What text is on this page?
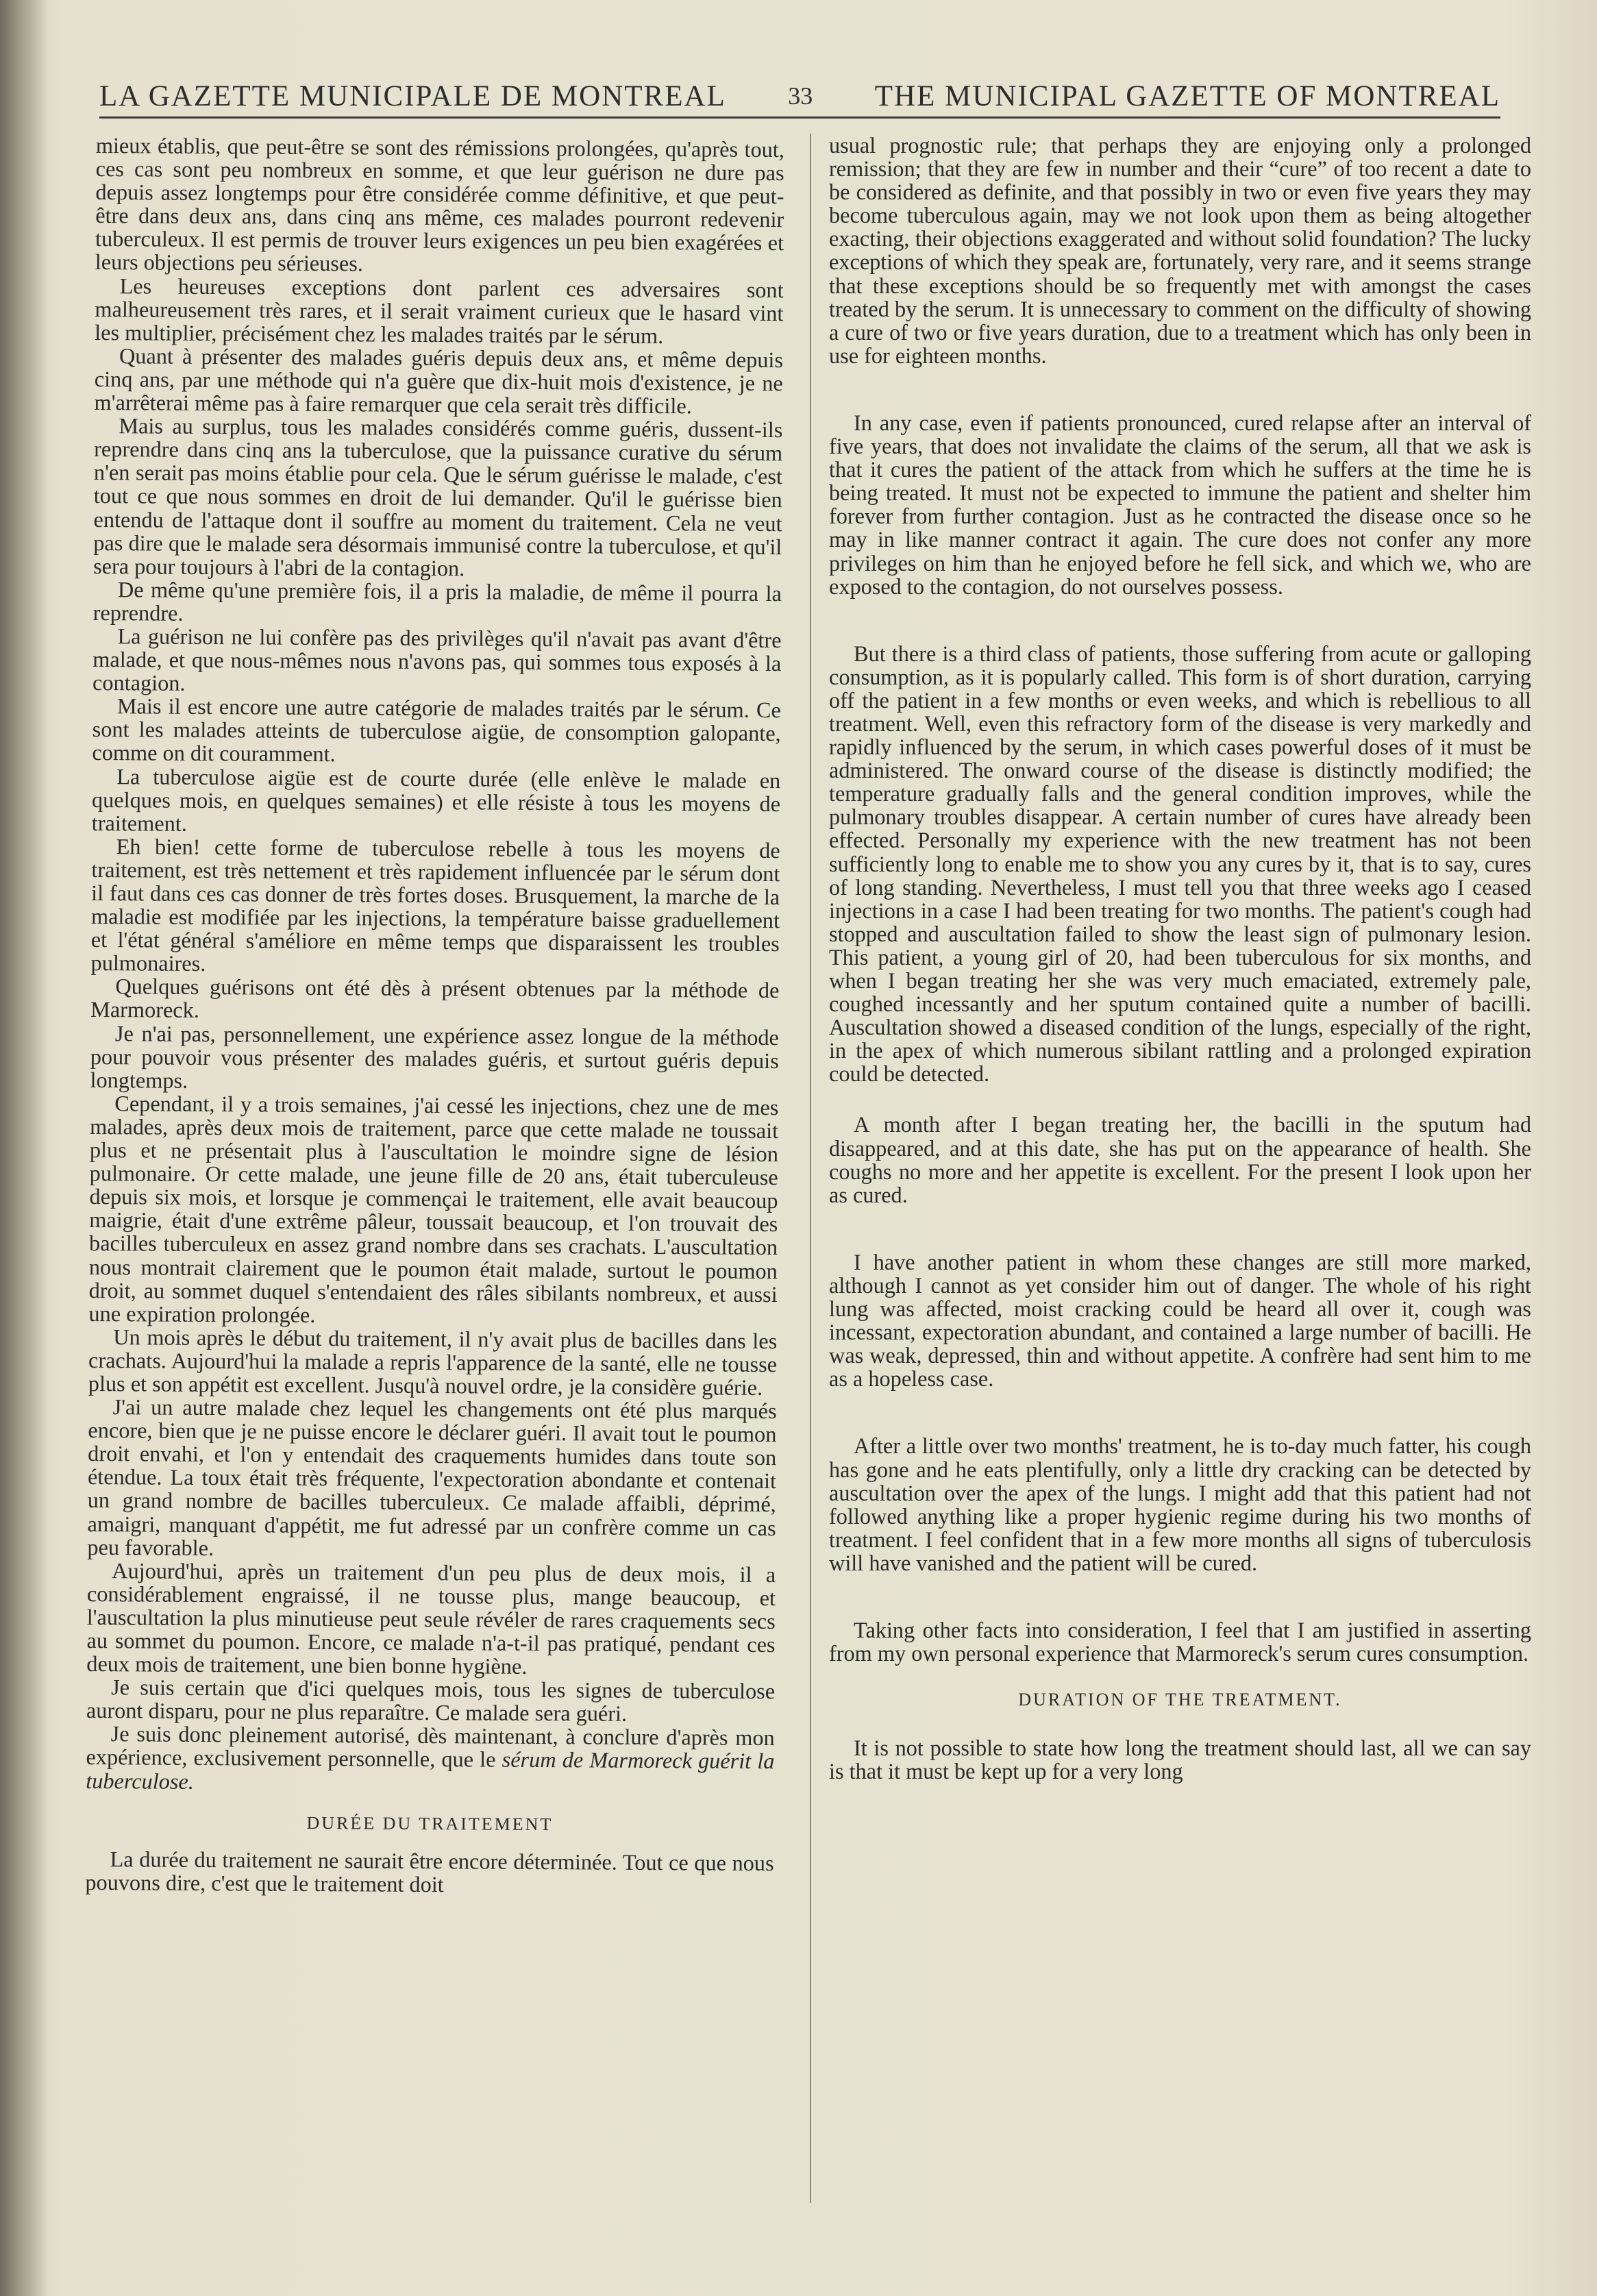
LA GAZETTE MUNICIPALE DE MONTREAL	33 THE MUNICIPAL GAZETTE OF MONTREAL

mieux établis, que peut-être se sont des rémissions prolongées, qu'après tout, ces cas sont peu nombreux en somme, et que leur guérison ne dure pas depuis assez longtemps pour être considérée comme définitive, et que peut-être dans deux ans, dans cinq ans même, ces malades pourront redevenir tuberculeux. Il est permis de trouver leurs exigences un peu bien exagérées et leurs objections peu sérieuses.

Les heureuses exceptions dont parlent ces adversaires sont malheureusement très rares, et il serait vraiment curieux que le hasard vint les multiplier, précisément chez les malades traités par le sérum.

Quant à présenter des malades guéris depuis deux ans, et même depuis cinq ans, par une méthode qui n'a guère que dix-huit mois d'existence, je ne m'arrêterai même pas à faire remarquer que cela serait très difficile.

Mais au surplus, tous les malades considérés comme guéris, dussent-ils reprendre dans cinq ans la tuberculose, que la puissance curative du sérum n'en serait pas moins établie pour cela. Que le sérum guérisse le malade, c'est tout ce que nous sommes en droit de lui demander. Qu'il le guérisse bien entendu de l'attaque dont il souffre au moment du traitement. Cela ne veut pas dire que le malade sera désormais immunisé contre la tuberculose, et qu'il sera pour toujours à l'abri de la contagion.

De même qu'une première fois, il a pris la maladie, de même il pourra la reprendre.

La guérison ne lui confère pas des privilèges qu'il n'avait pas avant d'être malade, et que nous-mêmes nous n'avons pas, qui sommes tous exposés à la contagion.

Mais il est encore une autre catégorie de malades traités par le sérum. Ce sont les malades atteints de tuberculose aigüe, de consomption galopante, comme on dit couramment.

La tuberculose aigüe est de courte durée (elle enlève le malade en quelques mois, en quelques semaines) et elle résiste à tous les moyens de traitement.

Eh bien! cette forme de tuberculose rebelle à tous les moyens de traitement, est très nettement et très rapidement influencée par le sérum dont il faut dans ces cas donner de très fortes doses. Brusquement, la marche de la maladie est modifiée par les injections, la température baisse graduellement et l'état général s'améliore en même temps que disparaissent les troubles pulmonaires.

Quelques guérisons ont été dès à présent obtenues par la méthode de Marmoreck.

Je n'ai pas, personnellement, une expérience assez longue de la méthode pour pouvoir vous présenter des malades guéris, et surtout guéris depuis longtemps.

Cependant, il y a trois semaines, j'ai cessé les injections, chez une de mes malades, après deux mois de traitement, parce que cette malade ne toussait plus et ne présentait plus à l'auscultation le moindre signe de lésion pulmonaire. Or cette malade, une jeune fille de 20 ans, était tuberculeuse depuis six mois, et lorsque je commençai le traitement, elle avait beaucoup maigrie, était d'une extrême pâleur, toussait beaucoup, et l'on trouvait des bacilles tuberculeux en assez grand nombre dans ses crachats. L'auscultation nous montrait clairement que le poumon était malade, surtout le poumon droit, au sommet duquel s'entendaient des râles sibilants nombreux, et aussi une expiration prolongée.

Un mois après le début du traitement, il n'y avait plus de bacilles dans les crachats. Aujourd'hui la malade a repris l'apparence de la santé, elle ne tousse plus et son appétit est excellent. Jusqu'à nouvel ordre, je la considère guérie.

J'ai un autre malade chez lequel les changements ont été plus marqués encore, bien que je ne puisse encore le déclarer guéri. Il avait tout le poumon droit envahi, et l'on y entendait des craquements humides dans toute son étendue. La toux était très fréquente, l'expectoration abondante et contenait un grand nombre de bacilles tuberculeux. Ce malade affaibli, déprimé, amaigri, manquant d'appétit, me fut adressé par un confrère comme un cas peu favorable.

Aujourd'hui, après un traitement d'un peu plus de deux mois, il a considérablement engraissé, il ne tousse plus, mange beaucoup, et l'auscultation la plus minutieuse peut seule révéler de rares craquements secs au sommet du poumon. Encore, ce malade n'a-t-il pas pratiqué, pendant ces deux mois de traitement, une bien bonne hygiène.

Je suis certain que d'ici quelques mois, tous les signes de tuberculose auront disparu, pour ne plus reparaître. Ce malade sera guéri.

Je suis donc pleinement autorisé, dès maintenant, à conclure d'après mon expérience, exclusivement personnelle, que le sérum de Marmoreck guérit la tuberculose.

DURÉE DU TRAITEMENT

La durée du traitement ne saurait être encore déterminée. Tout ce que nous pouvons dire, c'est que le traitement doit

usual prognostic rule; that perhaps they are enjoying only a prolonged remission; that they are few in number and their “cure” of too recent a date to be considered as definite, and that possibly in two or even five years they may become tuberculous again, may we not look upon them as being altogether exacting, their objections exaggerated and without solid foundation? The lucky exceptions of which they speak are, fortunately, very rare, and it seems strange that these exceptions should be so frequently met with amongst the cases treated by the serum. It is unnecessary to comment on the difficulty of showing a cure of two or five years duration, due to a treatment which has only been in use for eighteen months.

In any case, even if patients pronounced, cured relapse after an interval of five years, that does not invalidate the claims of the serum, all that we ask is that it cures the patient of the attack from which he suffers at the time he is being treated. It must not be expected to immune the patient and shelter him forever from further contagion. Just as he contracted the disease once so he may in like manner contract it again. The cure does not confer any more privileges on him than he enjoyed before he fell sick, and which we, who are exposed to the contagion, do not ourselves possess.

But there is a third class of patients, those suffering from acute or galloping consumption, as it is popularly called. This form is of short duration, carrying off the patient in a few months or even weeks, and which is rebellious to all treatment. Well, even this refractory form of the disease is very markedly and rapidly influenced by the serum, in which cases powerful doses of it must be administered. The onward course of the disease is distinctly modified; the temperature gradually falls and the general condition improves, while the pulmonary troubles disappear. A certain number of cures have already been effected. Personally my experience with the new treatment has not been sufficiently long to enable me to show you any cures by it, that is to say, cures of long standing. Nevertheless, I must tell you that three weeks ago I ceased injections in a case I had been treating for two months. The patient's cough had stopped and auscultation failed to show the least sign of pulmonary lesion. This patient, a young girl of 20, had been tuberculous for six months, and when I began treating her she was very much emaciated, extremely pale, coughed incessantly and her sputum contained quite a number of bacilli. Auscultation showed a diseased condition of the lungs, especially of the right, in the apex of which numerous sibilant rattling and a prolonged expiration could be detected.

A month after I began treating her, the bacilli in the sputum had disappeared, and at this date, she has put on the appearance of health. She coughs no more and her appetite is excellent. For the present I look upon her as cured.

I have another patient in whom these changes are still more marked, although I cannot as yet consider him out of danger. The whole of his right lung was affected, moist cracking could be heard all over it, cough was incessant, expectoration abundant, and contained a large number of bacilli. He was weak, depressed, thin and without appetite. A confrère had sent him to me as a hopeless case.

After a little over two months' treatment, he is to-day much fatter, his cough has gone and he eats plentifully, only a little dry cracking can be detected by auscultation over the apex of the lungs. I might add that this patient had not followed anything like a proper hygienic regime during his two months of treatment. I feel confident that in a few more months all signs of tuberculosis will have vanished and the patient will be cured.

Taking other facts into consideration, I feel that I am justified in asserting from my own personal experience that Marmoreck's serum cures consumption.

DURATION OF THE TREATMENT.

It is not possible to state how long the treatment should last, all we can say is that it must be kept up for a very long
